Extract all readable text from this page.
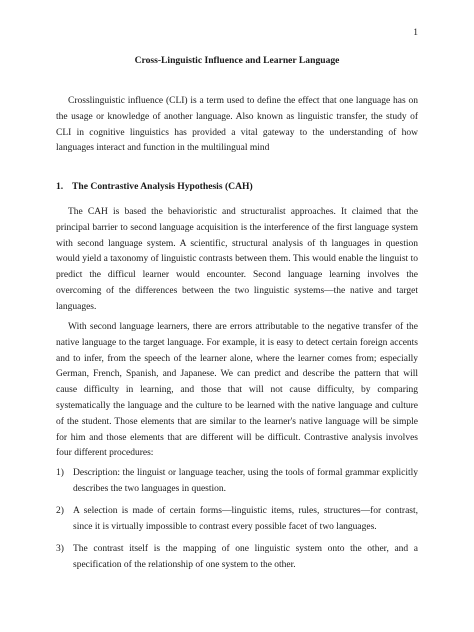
1
Cross-Linguistic Influence and Learner Language

Crosslinguistic influence (CLI) is a term used to define the effect that one language has on the usage or knowledge of another language. Also known as linguistic transfer, the study of CLI in cognitive linguistics has provided a vital gateway to the understanding of how languages interact and function in the multilingual mind

1. The Contrastive Analysis Hypothesis (CAH)

The CAH is based the behavioristic and structuralist approaches. It claimed that the principal barrier to second language acquisition is the interference of the first language system with second language system. A scientific, structural analysis of th languages in question would yield a taxonomy of linguistic contrasts between them. This would enable the linguist to predict the difficul learner would encounter. Second language learning involves the overcoming of the differences between the two linguistic systems—the native and target languages.

With second language learners, there are errors attributable to the negative transfer of the native language to the target language. For example, it is easy to detect certain foreign accents and to infer, from the speech of the learner alone, where the learner comes from; especially German, French, Spanish, and Japanese. We can predict and describe the pattern that will cause difficulty in learning, and those that will not cause difficulty, by comparing systematically the language and the culture to be learned with the native language and culture of the student. Those elements that are similar to the learner's native language will be simple for him and those elements that are different will be difficult. Contrastive analysis involves four different procedures:

1) Description: the linguist or language teacher, using the tools of formal grammar explicitly describes the two languages in question.
2) A selection is made of certain forms—linguistic items, rules, structures—for contrast, since it is virtually impossible to contrast every possible facet of two languages.
3) The contrast itself is the mapping of one linguistic system onto the other, and a specification of the relationship of one system to the other.
